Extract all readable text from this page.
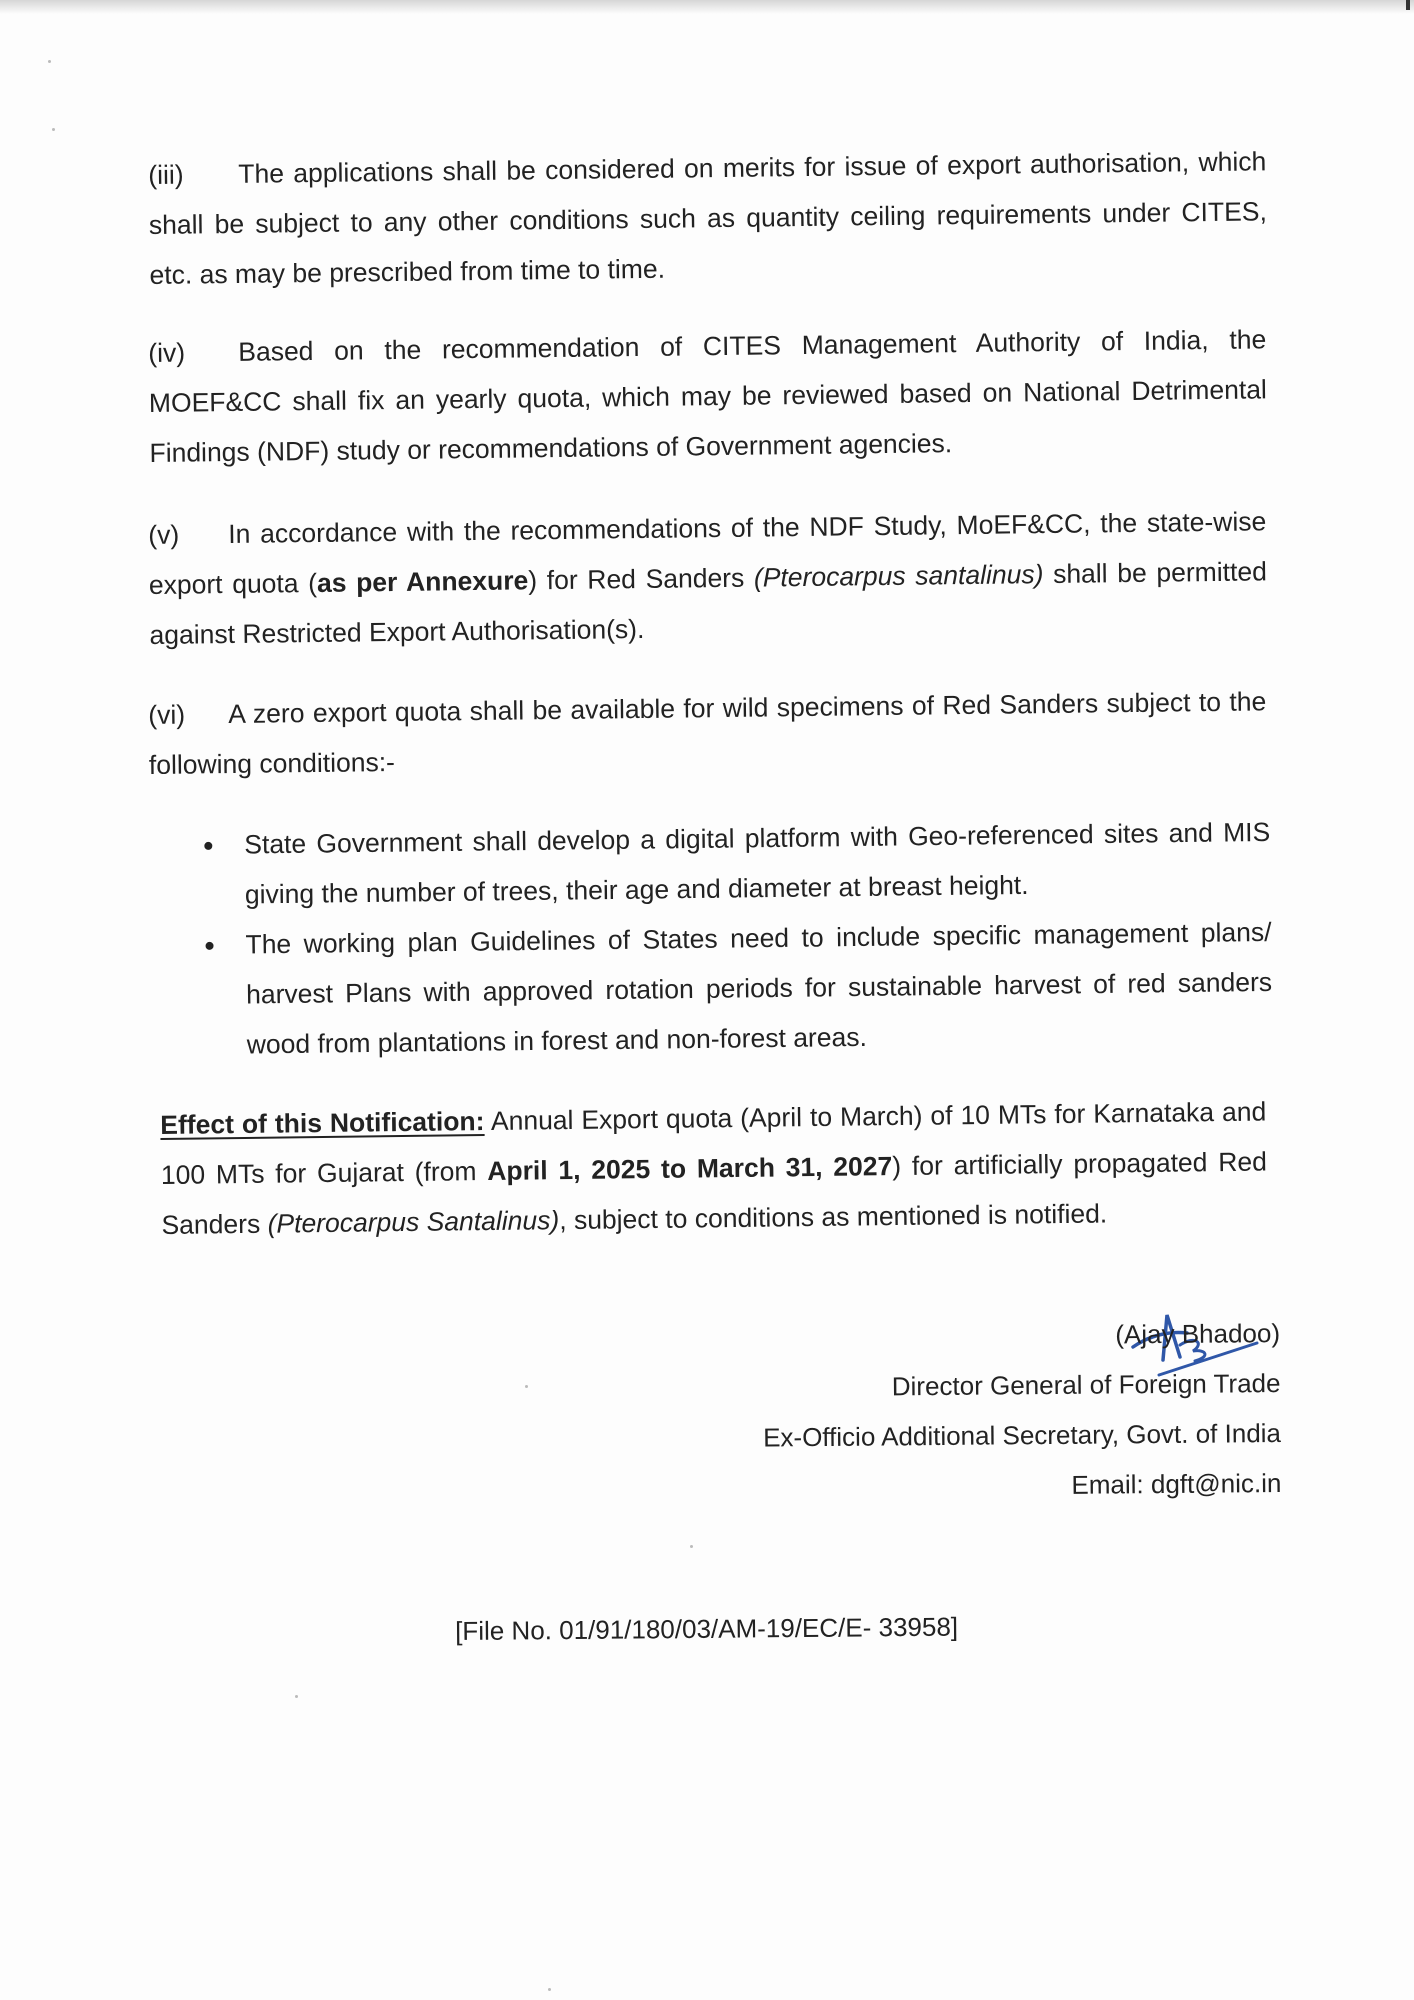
(iii) The applications shall be considered on merits for issue of export authorisation, which shall be subject to any other conditions such as quantity ceiling requirements under CITES, etc. as may be prescribed from time to time.
(iv) Based on the recommendation of CITES Management Authority of India, the MOEF&CC shall fix an yearly quota, which may be reviewed based on National Detrimental Findings (NDF) study or recommendations of Government agencies.
(v) In accordance with the recommendations of the NDF Study, MoEF&CC, the state-wise export quota (as per Annexure) for Red Sanders (Pterocarpus santalinus) shall be permitted against Restricted Export Authorisation(s).
(vi) A zero export quota shall be available for wild specimens of Red Sanders subject to the following conditions:-
State Government shall develop a digital platform with Geo-referenced sites and MIS giving the number of trees, their age and diameter at breast height.
The working plan Guidelines of States need to include specific management plans/ harvest Plans with approved rotation periods for sustainable harvest of red sanders wood from plantations in forest and non-forest areas.
Effect of this Notification: Annual Export quota (April to March) of 10 MTs for Karnataka and 100 MTs for Gujarat (from April 1, 2025 to March 31, 2027) for artificially propagated Red Sanders (Pterocarpus Santalinus), subject to conditions as mentioned is notified.
(Ajay Bhadoo)
Director General of Foreign Trade
Ex-Officio Additional Secretary, Govt. of India
Email: dgft@nic.in
[File No. 01/91/180/03/AM-19/EC/E- 33958]
